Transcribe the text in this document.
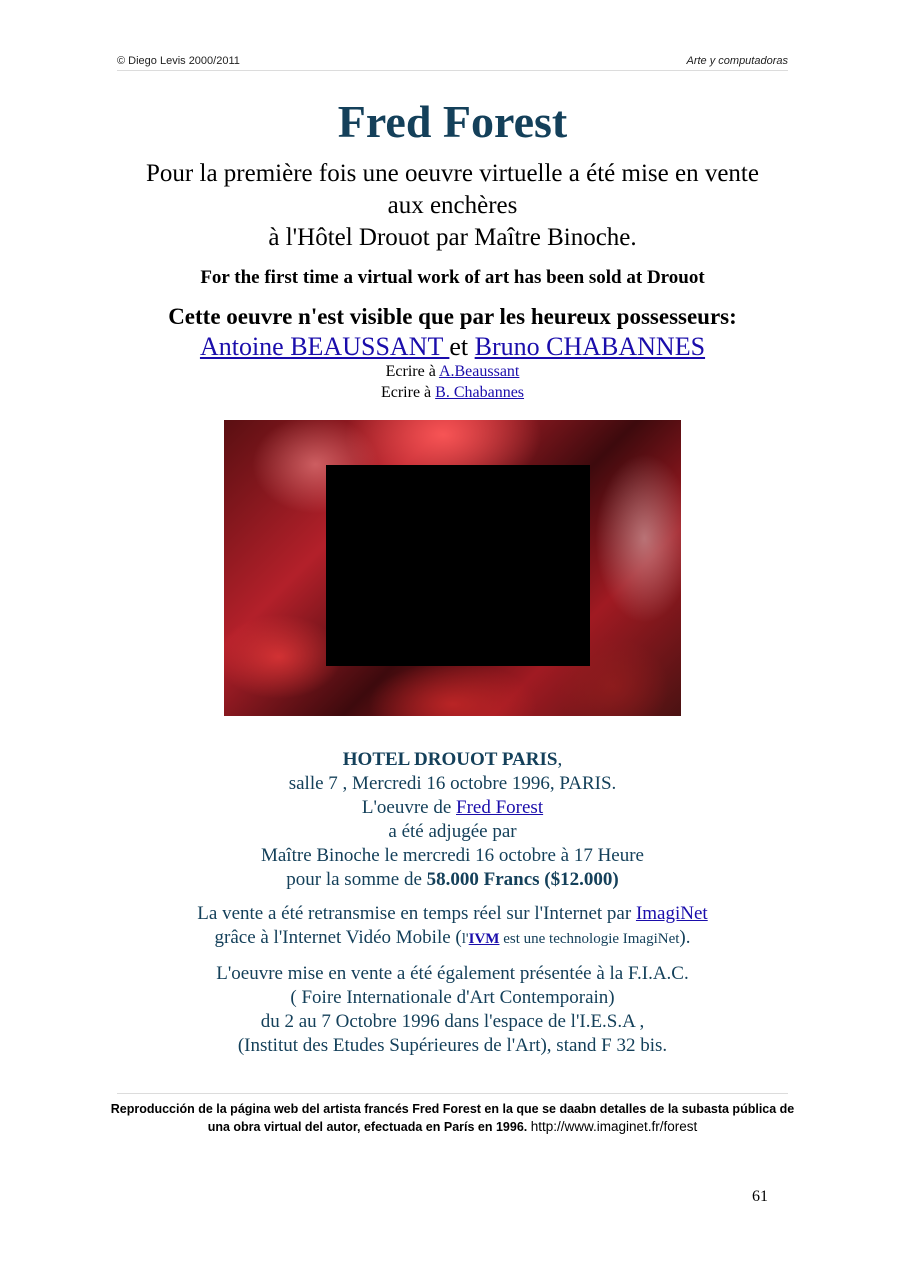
© Diego Levis 2000/2011	Arte y computadoras
Fred Forest
Pour la première fois une oeuvre virtuelle a été mise en vente
aux enchères
à l'Hôtel Drouot par Maître Binoche.
For the first time a virtual work of art has been sold at Drouot
Cette oeuvre n'est visible que par les heureux possesseurs:
Antoine BEAUSSANT et Bruno CHABANNES
Ecrire à A.Beaussant
Ecrire à B. Chabannes
HOTEL DROUOT PARIS,
salle 7 , Mercredi 16 octobre 1996, PARIS.
L'oeuvre de Fred Forest
a été adjugée par
Maître Binoche le mercredi 16 octobre à 17 Heure
pour la somme de 58.000 Francs ($12.000)
La vente a été retransmise en temps réel sur l'Internet par ImagiNet
grâce à l'Internet Vidéo Mobile (l'IVM est une technologie ImagiNet).
L'oeuvre mise en vente a été également présentée à la F.I.A.C.
( Foire Internationale d'Art Contemporain)
du 2 au 7 Octobre 1996 dans l'espace de l'I.E.S.A ,
(Institut des Etudes Supérieures de l'Art), stand F 32 bis.
Reproducción de la página web del artista francés Fred Forest en la que se daabn detalles de la subasta pública de una obra virtual del autor, efectuada en París en 1996. http://www.imaginet.fr/forest
61
